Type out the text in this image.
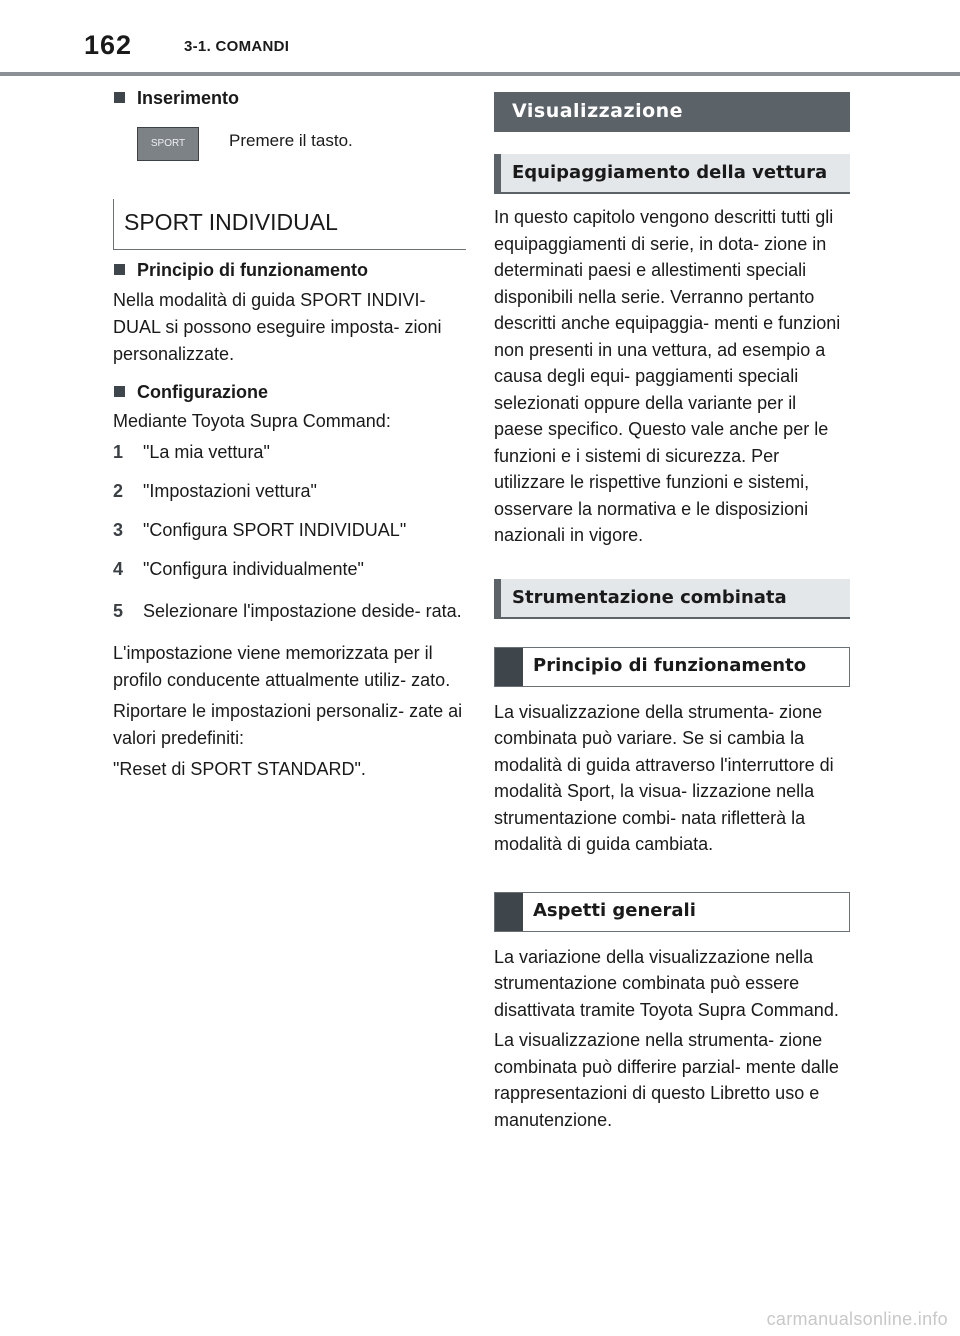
162	3-1. COMANDI
Inserimento
SPORT	Premere il tasto.
SPORT INDIVIDUAL
Principio di funzionamento

Nella modalità di guida SPORT INDIVI- DUAL si possono eseguire imposta- zioni personalizzate.

Configurazione

Mediante Toyota Supra Command:

1	"La mia vettura"
2	"Impostazioni vettura"
3	"Configura SPORT INDIVIDUAL"
4	"Configura individualmente"
5	Selezionare l'impostazione deside- rata.

L'impostazione viene memorizzata per il profilo conducente attualmente utiliz- zato.

Riportare le impostazioni personaliz- zate ai valori predefiniti:

"Reset di SPORT STANDARD".

Visualizzazione
Equipaggiamento della vettura

In questo capitolo vengono descritti tutti gli equipaggiamenti di serie, in dota- zione in determinati paesi e allestimenti speciali disponibili nella serie. Verranno pertanto descritti anche equipaggia- menti e funzioni non presenti in una vettura, ad esempio a causa degli equi- paggiamenti speciali selezionati oppure della variante per il paese specifico. Questo vale anche per le funzioni e i sistemi di sicurezza. Per utilizzare le rispettive funzioni e sistemi, osservare la normativa e le disposizioni nazionali in vigore.

Strumentazione combinata
Principio di funzionamento

La visualizzazione della strumenta- zione combinata può variare. Se si cambia la modalità di guida attraverso l'interruttore di modalità Sport, la visua- lizzazione nella strumentazione combi- nata rifletterà la modalità di guida cambiata.

Aspetti generali

La variazione della visualizzazione nella strumentazione combinata può essere disattivata tramite Toyota Supra Command.

La visualizzazione nella strumenta- zione combinata può differire parzial- mente dalle rappresentazioni di questo Libretto uso e manutenzione.

carmanualsonline.info
